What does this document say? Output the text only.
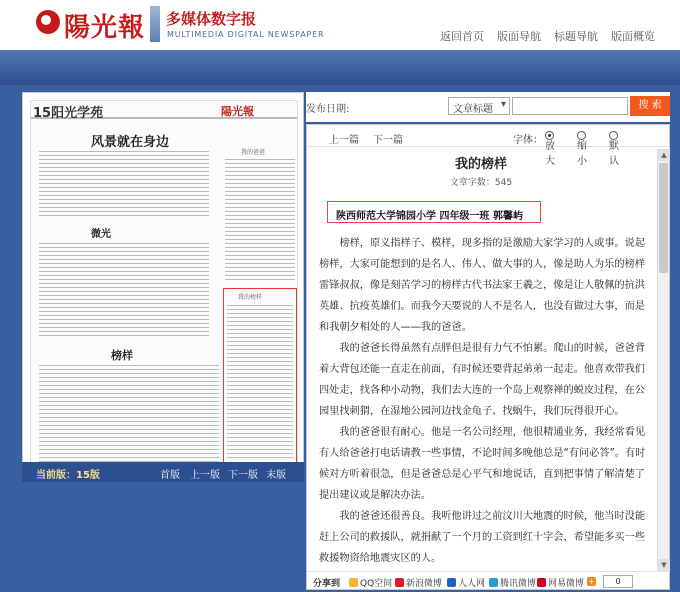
陽光報 多媒体数字报
MULTIMEDIA DIGITAL NEWSPAPER	返回首页 版面导航 标题导航 版面概览
15阳光学苑	陽光報
风景就在身边
微光
榜样
我的爸爸
我的榜样
当前版：15版	首版 上一版 下一版 末版
发布日期:	文章标题 ▾	搜 索
上一篇 下一篇	字体：
放大
缩小
默认
我的榜样
文章字数：545
陕西师范大学锦园小学 四年级一班 郭馨屿

榜样，原义指样子、模样，现多指的是激励大家学习的人或事。说起榜样，大家可能想到的是名人、伟人、做大事的人，像是助人为乐的榜样雷锋叔叔，像是刻苦学习的榜样古代书法家王羲之，像是让人敬佩的抗洪英雄、抗疫英雄们。而我今天要说的人不是名人，也没有做过大事，而是和我朝夕相处的人——我的爸爸。

我的爸爸长得虽然有点胖但是很有力气不怕累。爬山的时候，爸爸背着大背包还能一直走在前面，有时候还要背起弟弟一起走。他喜欢带我们四处走，找各种小动物，我们去大连的一个岛上观察禅的蜕皮过程，在公园里找刺猬，在湿地公园河边找金龟子、找蜗牛，我们玩得很开心。

我的爸爸很有耐心。他是一名公司经理，他很精通业务，我经常看见有人给爸爸打电话请教一些事情，不论时间多晚他总是“有问必答”。有时候对方听着很急，但是爸爸总是心平气和地说话，直到把事情了解清楚了提出建议或是解决办法。

我的爸爸还很善良。我听他讲过之前汶川大地震的时候，他当时没能赶上公司的救援队，就捐献了一个月的工资到红十字会，希望能多买一些救援物资给地震灾区的人。

▲
▼
分享到	QQ空间	新浪微博	人人网	腾讯微博	网易微博 +	0
